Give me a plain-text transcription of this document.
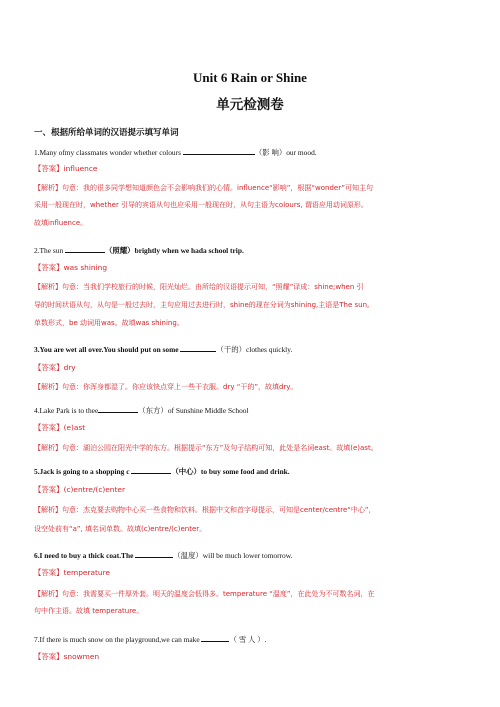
Unit 6 Rain or Shine
单元检测卷
一、根据所给单词的汉语提示填写单词
1.Many ofmy classmates wonder whether colours	（影 响）our mood.
【答案】influence
【解析】句意：我的很多同学想知道颜色会不会影响我们的心情。influence“影响”，根据“wonder”可知主句
采用一般现在时，whether 引导的宾语从句也应采用一般现在时，从句主语为colours, 谓语应用动词原形。
故填influence。
2.The sun	（照耀）brightly when we hada school trip.
【答案】was shining
【解析】句意：当我们学校旅行的时候，阳光灿烂。由所给的汉语提示可知，“照耀”译成：shine;when 引
导的时间状语从句，从句是一般过去时，主句应用过去进行时，shine的现在分词为shining,主语是The sun,
单数形式，be 动词用was。故填was shining。
3.You are wet all over.You should put on some	（干的）clothes quickly.
【答案】dry
【解析】句意：你浑身都湿了。你应该快点穿上一些干衣服。dry “干的”，故填dry。
4.Lake Park is to thee	（东方）of Sunshine Middle School
【答案】(e)ast
【解析】句意：湖泊公园在阳光中学的东方。根据提示“东方”及句子结构可知，此处是名词east。故填(e)ast。
5.Jack is going to a shopping c	（中心）to buy some food and drink.
【答案】(c)entre/(c)enter
【解析】句意：杰克要去购物中心买一些食物和饮料。根据中文和首字母提示，可知是center/centre“中心”，
设空处前有“a”, 填名词单数。故填(c)entre/(c)enter。
6.I need to buy a thick coat.The	（温度）will be much lower tomorrow.
【答案】temperature
【解析】句意：我需要买一件厚外套。明天的温度会低得多。temperature “温度”，在此处为不可数名词，在
句中作主语。故填 temperature。
7.If there is much snow on the playground,we can make	（ 雪 人 ）.
【答案】snowmen
